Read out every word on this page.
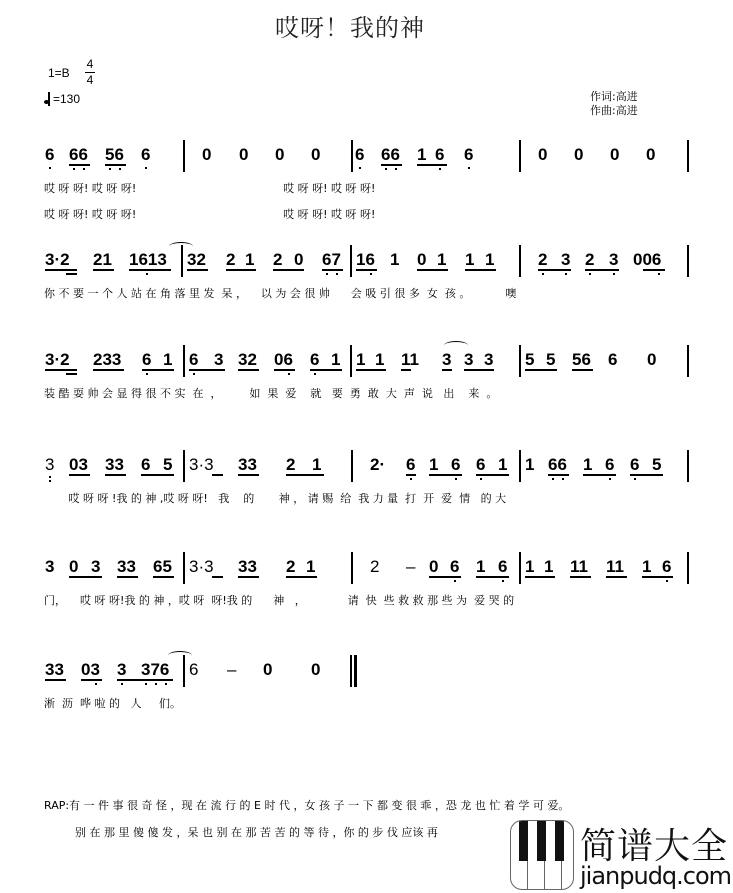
哎呀！我的神
1=B
4
4
=130	作词:高进
作曲:高进
6 66 56 6	0 0 0 0 6 66 1 6 6	0 0 0 0
哎 呀 呀! 哎 呀 呀!                                          哎 呀 呀! 哎 呀 呀!
哎 呀 呀! 哎 呀 呀!                                          哎 呀 呀! 哎 呀 呀!
3·2 21 1613 32 2 1 2 0 67 16 1 0 1 1 1	2 3 2 3 006
你 不 要 一 个 人 站 在 角 落 里 发  呆 ，    以 为 会 很 帅      会 吸 引 很 多  女  孩 。          噢
3·2 233 6 1 6 3 32 06 6 1 1 1 11 3 3 3 5 5 56 6 0
装 酷 耍 帅 会 显 得 很 不 实  在  ，        如  果  爱    就   要  勇  敢  大  声  说   出    来  。
3 03 33 6 5 3·3 33 2 1	2· 6 1 6 6 1 1 66 1 6 6 5
哎 呀 呀 !我 的 神 ,哎 呀 呀!   我    的       神 ， 请 赐  给  我 力 量  打  开  爱  情   的 大
3 0 3 33 65 3·3 33 2 1	2 – 0 6 1 6 1 1 11 11 1 6
门，    哎 呀 呀!我 的 神 ，哎 呀  呀!我 的      神   ，            请  快  些 救 救 那 些 为  爱 哭 的
33 03 3 376 6 – 0 0
淅  沥  哗 啦 的   人     们。
RAP:有 一 件 事 很 奇 怪 ，现 在 流 行 的 E 时 代 ，女 孩 子 一 下 都 变 很 乖 ，恐 龙 也 忙 着 学 可 爱。
别 在 那 里 傻 傻 发 ，呆 也 别 在 那 苦 苦 的 等 待 ，你 的 步 伐 应该 再	简谱大全
jianpudq.com
